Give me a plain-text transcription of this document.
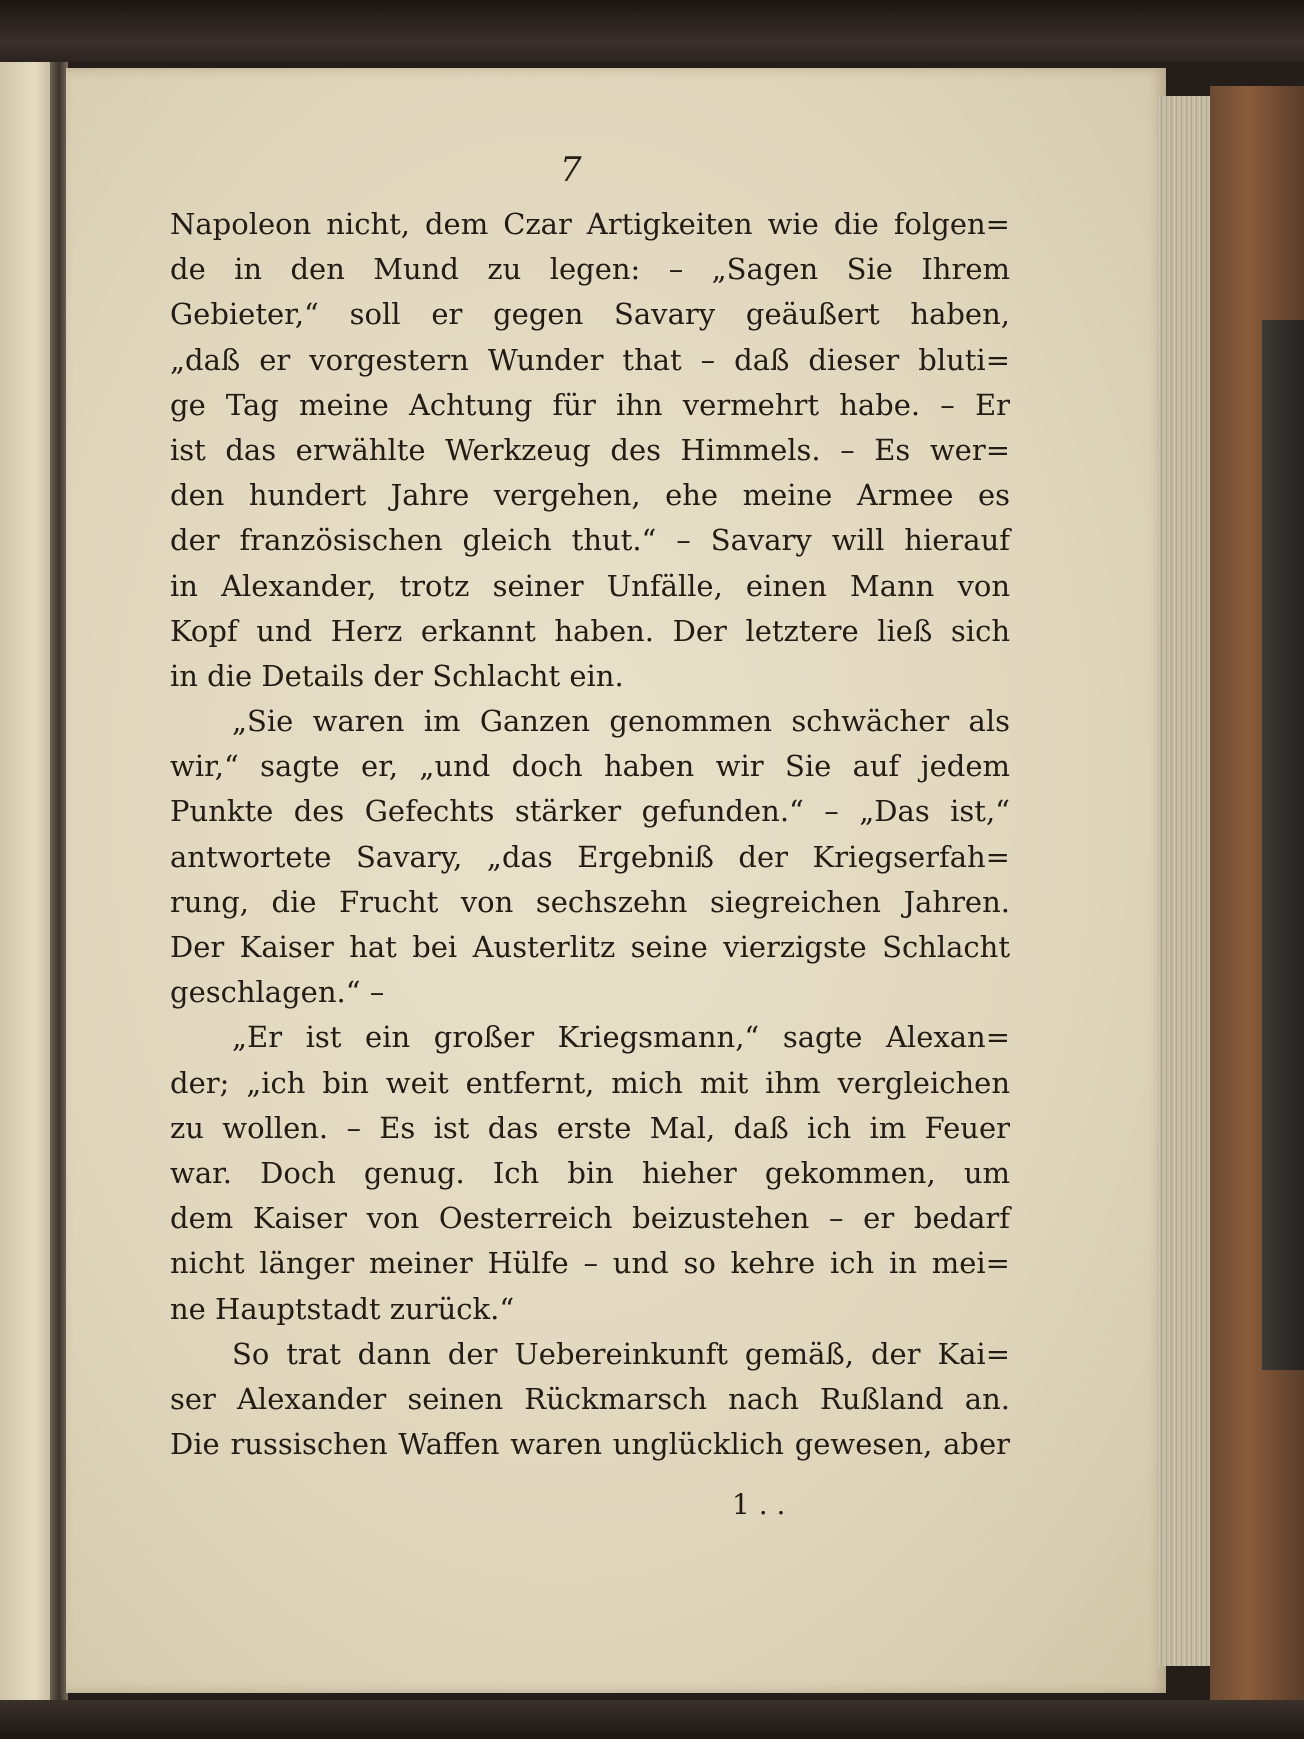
7
Napoleon nicht, dem Czar Artigkeiten wie die folgen=
de in den Mund zu legen: – „Sagen Sie Ihrem
Gebieter,“ soll er gegen Savary geäußert haben,
„daß er vorgestern Wunder that – daß dieser bluti=
ge Tag meine Achtung für ihn vermehrt habe. – Er
ist das erwählte Werkzeug des Himmels. – Es wer=
den hundert Jahre vergehen, ehe meine Armee es
der französischen gleich thut.“ – Savary will hierauf
in Alexander, trotz seiner Unfälle, einen Mann von
Kopf und Herz erkannt haben. Der letztere ließ sich
in die Details der Schlacht ein.
„Sie waren im Ganzen genommen schwächer als
wir,“ sagte er, „und doch haben wir Sie auf jedem
Punkte des Gefechts stärker gefunden.“ – „Das ist,“
antwortete Savary, „das Ergebniß der Kriegserfah=
rung, die Frucht von sechszehn siegreichen Jahren.
Der Kaiser hat bei Austerlitz seine vierzigste Schlacht
geschlagen.“ –
„Er ist ein großer Kriegsmann,“ sagte Alexan=
der; „ich bin weit entfernt, mich mit ihm vergleichen
zu wollen. – Es ist das erste Mal, daß ich im Feuer
war. Doch genug. Ich bin hieher gekommen, um
dem Kaiser von Oesterreich beizustehen – er bedarf
nicht länger meiner Hülfe – und so kehre ich in mei=
ne Hauptstadt zurück.“
So trat dann der Uebereinkunft gemäß, der Kai=
ser Alexander seinen Rückmarsch nach Rußland an.
Die russischen Waffen waren unglücklich gewesen, aber
1 . .
